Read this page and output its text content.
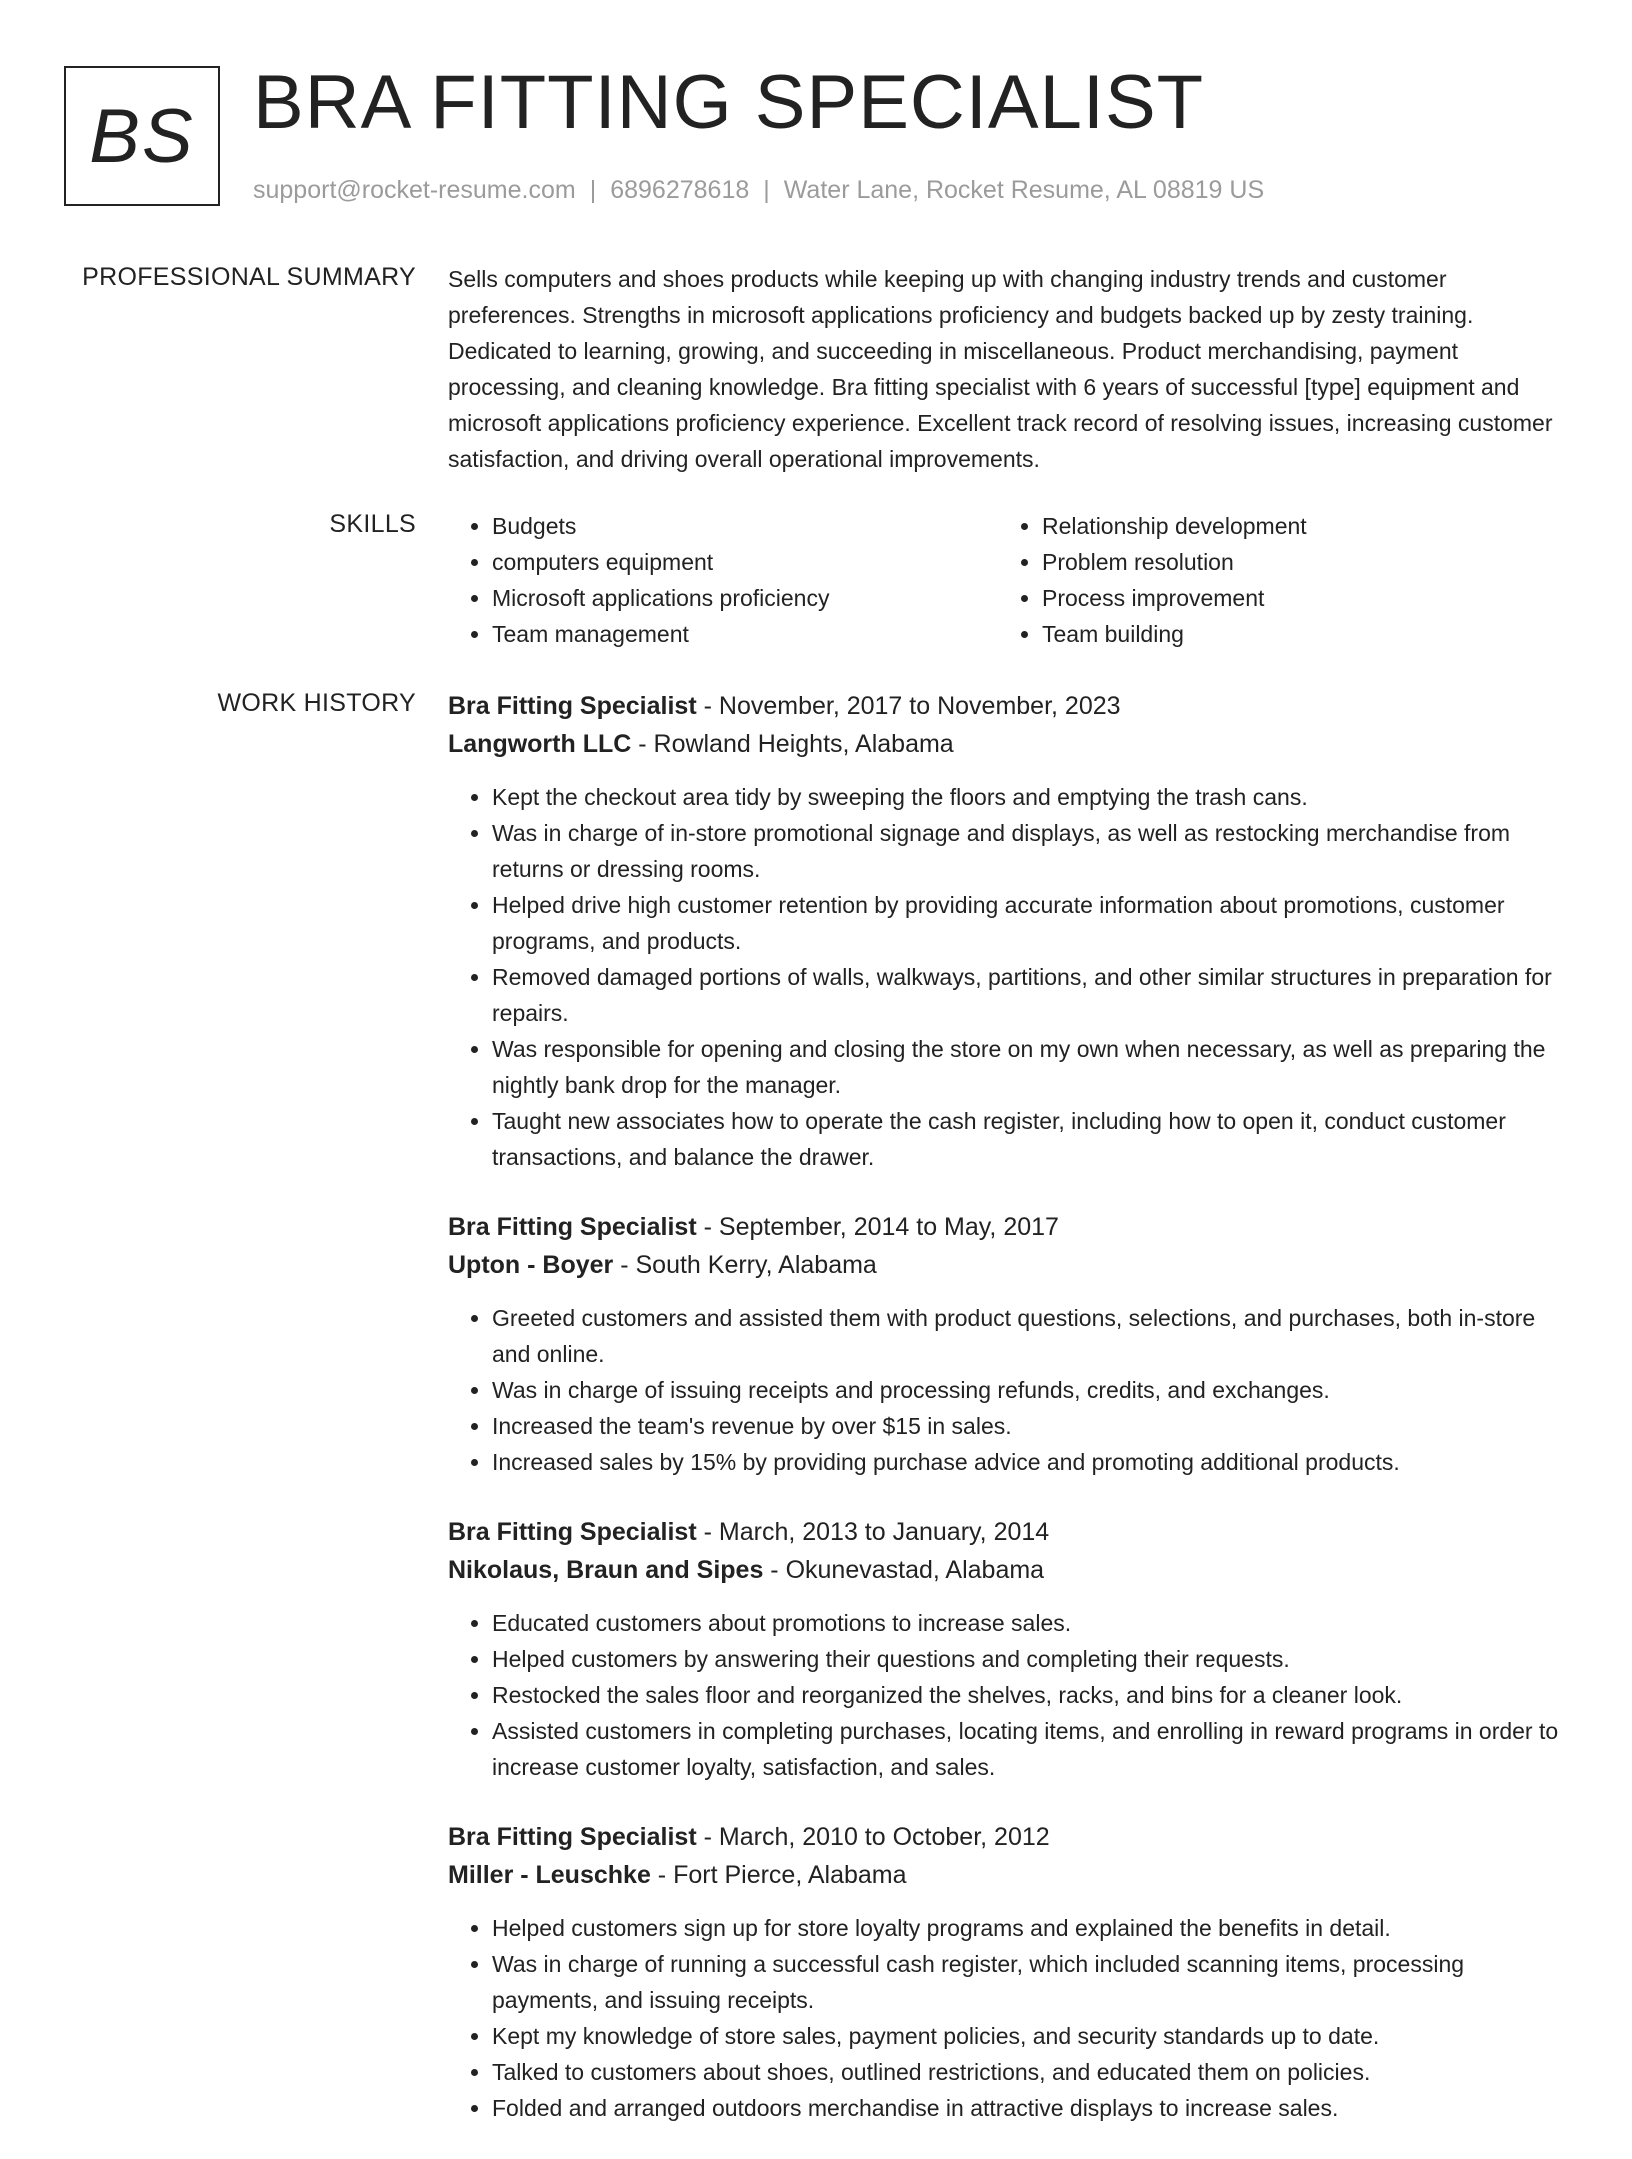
BS BRA FITTING SPECIALIST
support@rocket-resume.com | 6896278618 | Water Lane, Rocket Resume, AL 08819 US
PROFESSIONAL SUMMARY Sells computers and shoes products while keeping up with changing industry trends and customer preferences. Strengths in microsoft applications proficiency and budgets backed up by zesty training. Dedicated to learning, growing, and succeeding in miscellaneous. Product merchandising, payment processing, and cleaning knowledge. Bra fitting specialist with 6 years of successful [type] equipment and microsoft applications proficiency experience. Excellent track record of resolving issues, increasing customer satisfaction, and driving overall operational improvements.

SKILLS
•	Budgets
• computers equipment
• Microsoft applications proficiency
• Team management
• Relationship development
• Problem resolution
• Process improvement
• Team building
WORK HISTORY Bra Fitting Specialist - November, 2017 to November, 2023

Langworth LLC - Rowland Heights, Alabama

• Kept the checkout area tidy by sweeping the floors and emptying the trash cans.
• Was in charge of in-store promotional signage and displays, as well as restocking merchandise from returns or dressing rooms.
• Helped drive high customer retention by providing accurate information about promotions, customer programs, and products.
• Removed damaged portions of walls, walkways, partitions, and other similar structures in preparation for repairs.
• Was responsible for opening and closing the store on my own when necessary, as well as preparing the nightly bank drop for the manager.
• Taught new associates how to operate the cash register, including how to open it, conduct customer transactions, and balance the drawer.

Bra Fitting Specialist - September, 2014 to May, 2017

Upton - Boyer - South Kerry, Alabama

• Greeted customers and assisted them with product questions, selections, and purchases, both in-store and online.
• Was in charge of issuing receipts and processing refunds, credits, and exchanges.
• Increased the team's revenue by over $15 in sales.
• Increased sales by 15% by providing purchase advice and promoting additional products.

Bra Fitting Specialist - March, 2013 to January, 2014

Nikolaus, Braun and Sipes - Okunevastad, Alabama

• Educated customers about promotions to increase sales.
• Helped customers by answering their questions and completing their requests.
• Restocked the sales floor and reorganized the shelves, racks, and bins for a cleaner look.
• Assisted customers in completing purchases, locating items, and enrolling in reward programs in order to increase customer loyalty, satisfaction, and sales.

Bra Fitting Specialist - March, 2010 to October, 2012

Miller - Leuschke - Fort Pierce, Alabama

• Helped customers sign up for store loyalty programs and explained the benefits in detail.
• Was in charge of running a successful cash register, which included scanning items, processing payments, and issuing receipts.
• Kept my knowledge of store sales, payment policies, and security standards up to date.
• Talked to customers about shoes, outlined restrictions, and educated them on policies.
• Folded and arranged outdoors merchandise in attractive displays to increase sales.
